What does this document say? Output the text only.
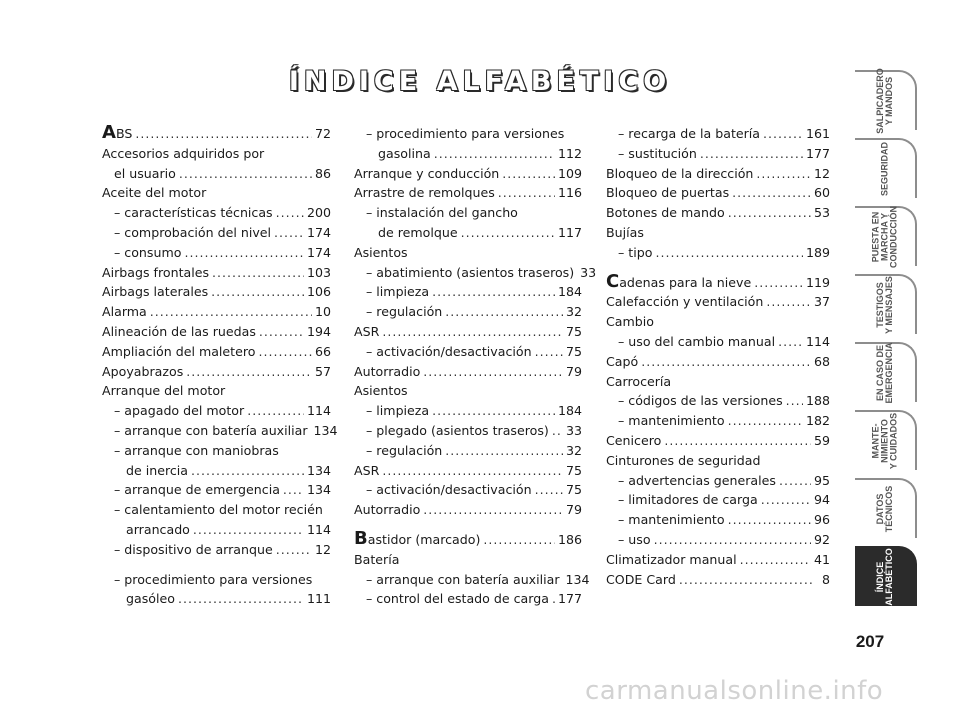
ÍNDICE ALFABÉTICO
ABS .....	72
Accesorios adquiridos por
el usuario .....	86
Aceite del motor
– características técnicas .....	200
– comprobación del nivel .....	174
– consumo .....	174
Airbags frontales .....	103
Airbags laterales .....	106
Alarma .....	10
Alineación de las ruedas .....	194
Ampliación del maletero .....	66
Apoyabrazos .....	57
Arranque del motor
– apagado del motor .....	114
– arranque con batería auxiliar 134
– arranque con maniobras
de inercia .....	134
– arranque de emergencia ..... 134
– calentamiento del motor recién
arrancado .....	114
– dispositivo de arranque .....	12
– procedimiento para versiones
gasóleo .....	111
– procedimiento para versiones
gasolina .....	112
Arranque y conducción .....	109
Arrastre de remolques .....	116
– instalación del gancho
de remolque .....	117
Asientos
– abatimiento (asientos traseros) 33
– limpieza .....	184
– regulación .....	32
ASR .....	75
– activación/desactivación .....	75
Autorradio .....	79
Asientos
– limpieza .....	184
– plegado (asientos traseros) ..... 33
– regulación .....	32
ASR .....	75
– activación/desactivación .....	75
Autorradio .....	79
Bastidor (marcado) .....	186
Batería
– arranque con batería auxiliar 134
– control del estado de carga ..... 177
– recarga de la batería .....	161
– sustitución .....	177
Bloqueo de la dirección .....	12
Bloqueo de puertas .....	60
Botones de mando .....	53
Bujías
– tipo .....	189
Cadenas para la nieve .....	119
Calefacción y ventilación .....	37
Cambio
– uso del cambio manual ..... 114
Capó .....	68
Carrocería
– códigos de las versiones ..... 188
– mantenimiento .....	182
Cenicero .....	59
Cinturones de seguridad
– advertencias generales .....	95
– limitadores de carga .....	94
– mantenimiento .....	96
– uso .....	92
Climatizador manual .....	41
CODE Card .....	8
SALPICADERO
Y MANDOS
SEGURIDAD
PUESTA EN
MARCHA Y
CONDUCCIÓN
TESTIGOS
Y MENSAJES
EN CASO DE
EMERGENCIA
MANTE-
NIMIENTO
Y CUIDADOS
DATOS
TÉCNICOS
ÍNDICE
ALFABÉTICO
207
carmanualsonline.info
